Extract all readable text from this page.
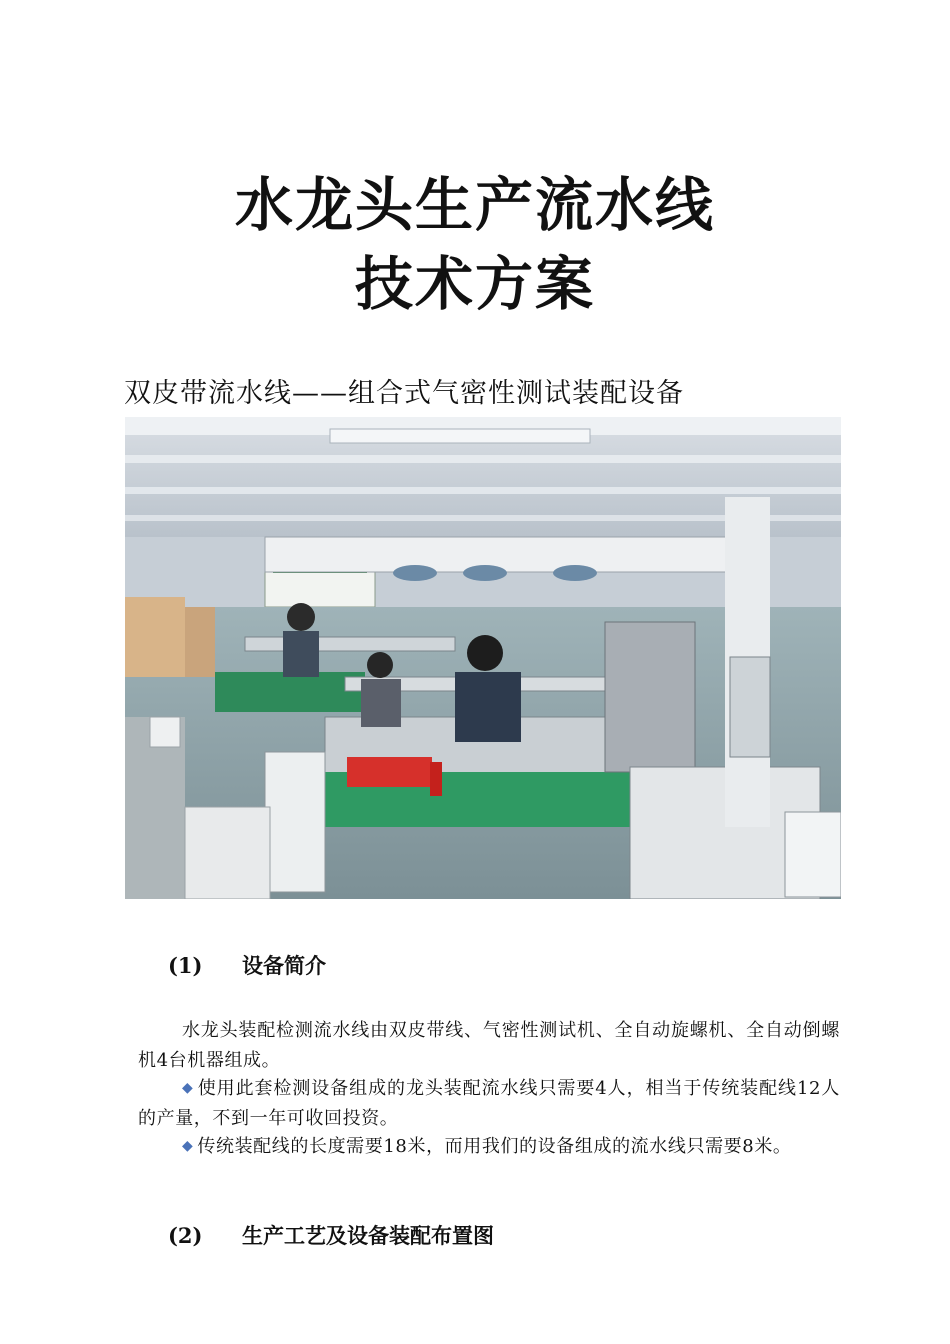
水龙头生产流水线
技术方案
双皮带流水线——组合式气密性测试装配设备
(1) 设备简介
水龙头装配检测流水线由双皮带线、气密性测试机、全自动旋螺机、全自动倒螺机4台机器组成。
◆ 使用此套检测设备组成的龙头装配流水线只需要4人，相当于传统装配线12人的产量，不到一年可收回投资。
◆ 传统装配线的长度需要18米，而用我们的设备组成的流水线只需要8米。
(2) 生产工艺及设备装配布置图
